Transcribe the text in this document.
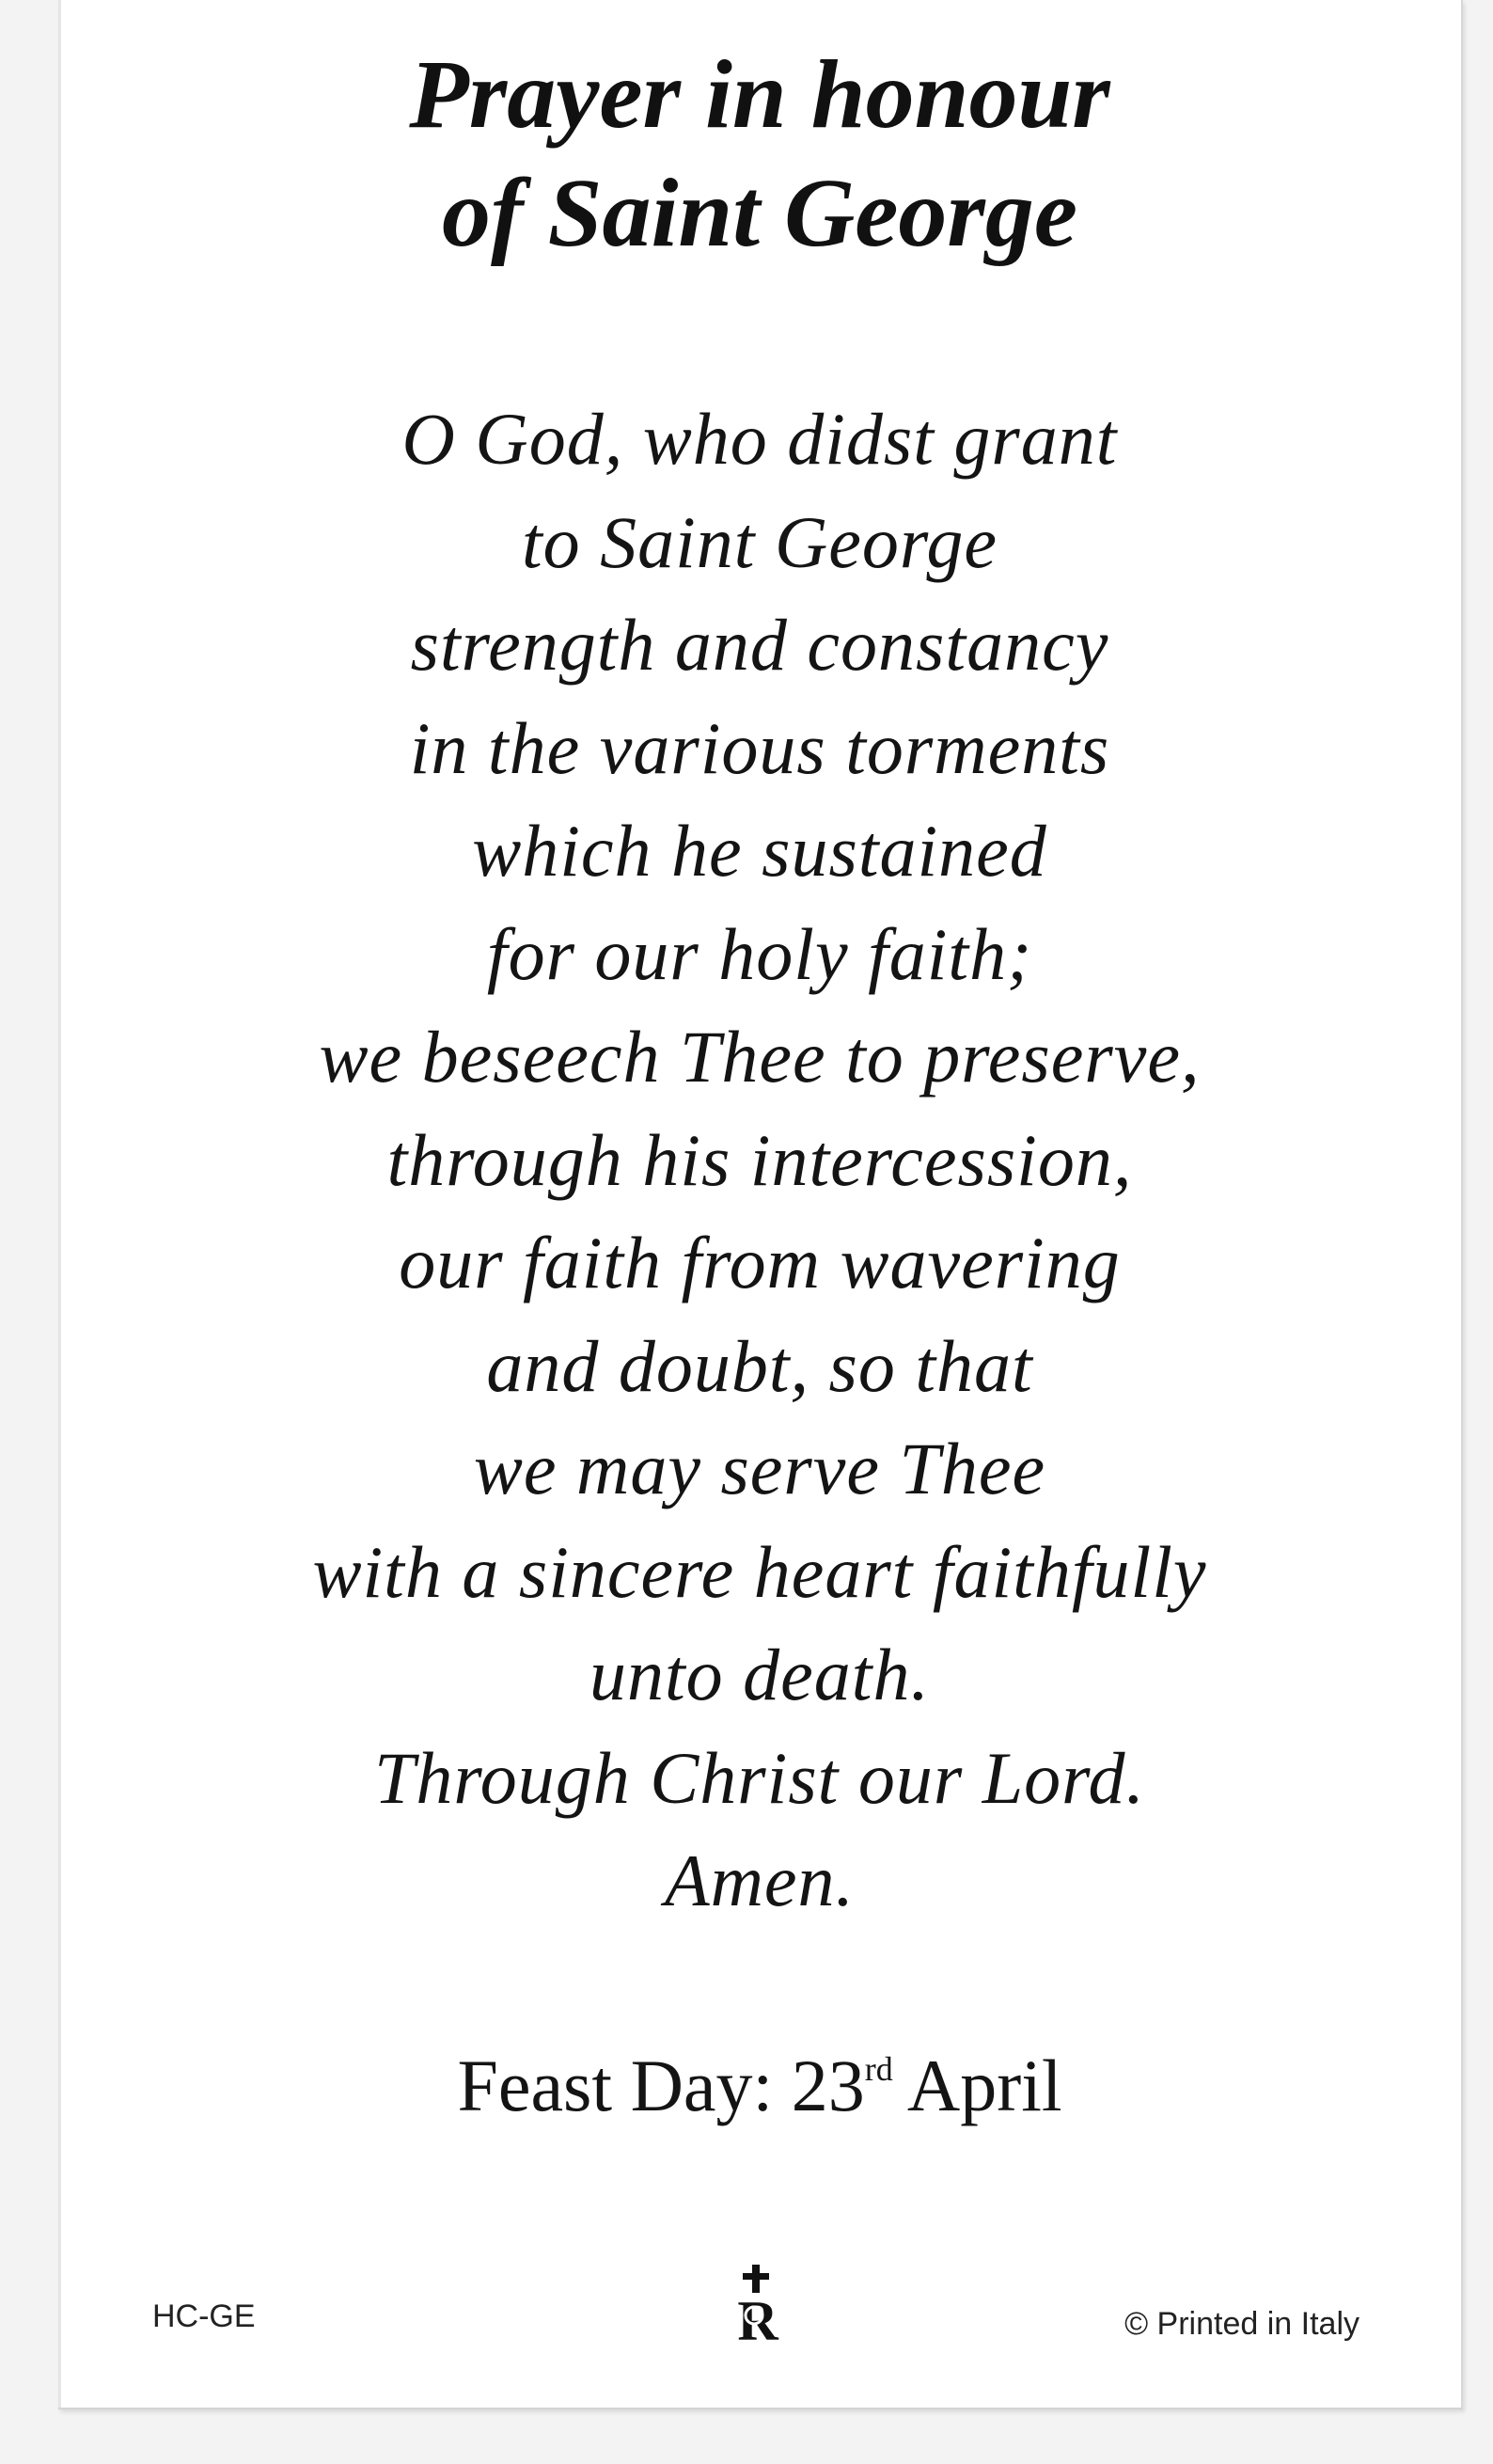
Prayer in honour
of Saint George
O God, who didst grant
to Saint George
strength and constancy
in the various torments
which he sustained
for our holy faith;
we beseech Thee to preserve,
through his intercession,
our faith from wavering
and doubt, so that
we may serve Thee
with a sincere heart faithfully
unto death.
Through Christ our Lord.
Amen.
Feast Day: 23rd April
HC-GE	R	© Printed in Italy
